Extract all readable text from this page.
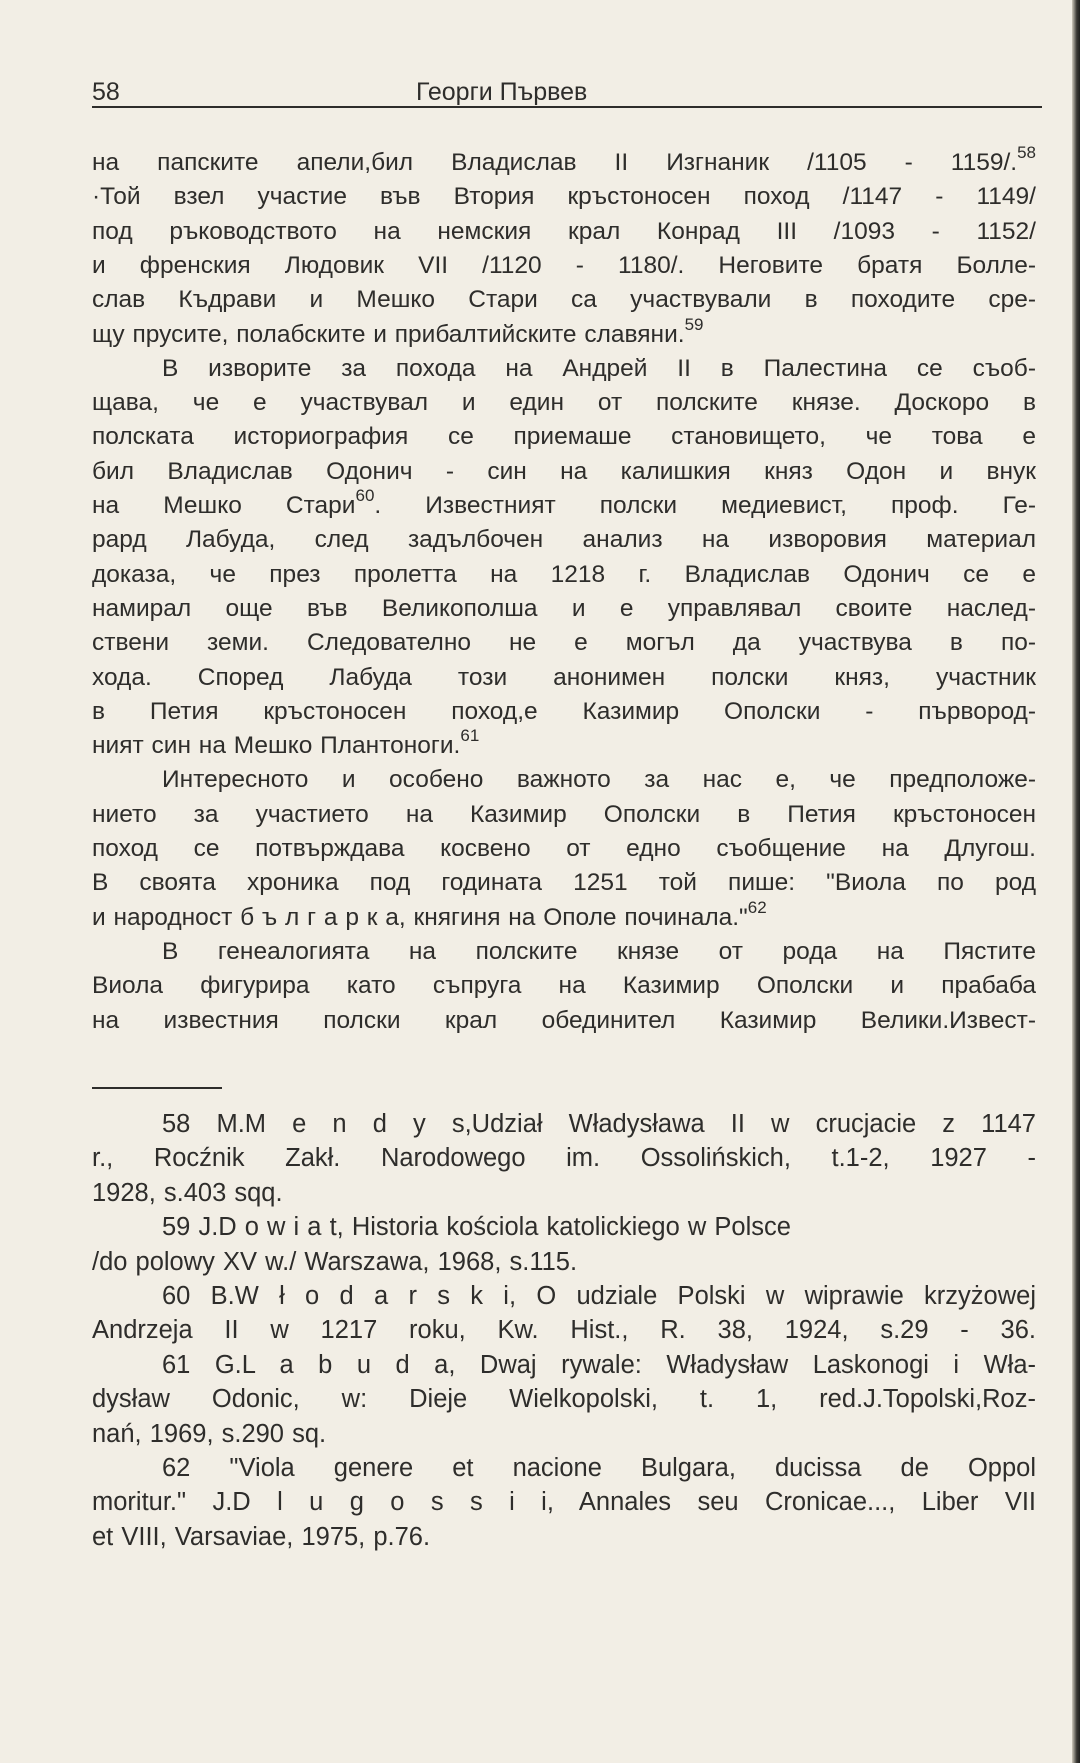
58	Георги Първев
на папските апели,бил Владислав II Изгнаник /1105 - 1159/.$^{58}$
·Той взел участие във Втория кръстоносен поход /1147 - 1149/
под ръководството на немския крал Конрад III /1093 - 1152/
и френския Людовик VII /1120 - 1180/. Неговите братя Болле-
слав Къдрави и Мешко Стари са участвували в походите сре-
щу прусите, полабските и прибалтийските славяни.$^{59}$
В изворите за похода на Андрей II в Палестина се съоб-
щава, че е участвувал и един от полските князе. Доскоро в
полската историография се приемаше становището, че това е
бил Владислав Одонич - син на калишкия княз Одон и внук
на Мешко Стари$^{60}$. Известният полски медиевист, проф. Ге-
рард Лабуда, след задълбочен анализ на изворовия материал
доказа, че през пролетта на 1218 г. Владислав Одонич се е
намирал още във Великополша и е управлявал своите наслед-
ствени земи. Следователно не е могъл да участвува в по-
хода. Според Лабуда този анонимен полски княз, участник
в Петия кръстоносен поход,е Казимир Ополски - първород-
ният син на Мешко Плантоноги.$^{61}$
Интересното и особено важното за нас е, че предположе-
нието за участието на Казимир Ополски в Петия кръстоносен
поход се потвърждава косвено от едно съобщение на Длугош.
В своята хроника под годината 1251 той пише: "Виола по род
и народност б ъ л г а р к а, княгиня на Ополе починала."$^{62}$
В генеалогията на полските князе от рода на Пястите
Виола фигурира като съпруга на Казимир Ополски и прабаба
на известния полски крал обединител Казимир Велики.Извест-
58 M.M e n d y s,Udział Władysława II w crucjacie z 1147
r., Rocźnik Zakł. Narodowego im. Ossolińskich, t.1-2, 1927 -
1928, s.403 sqq.
59 J.D o w i a t, Historia kościola katolickiego w Polsce
/do polowy XV w./ Warszawa, 1968, s.115.
60 B.W ł o d a r s k i, O udziale Polski w wiprawie krzyżowej
Andrzeja II w 1217 roku, Kw. Hist., R. 38, 1924, s.29 - 36.
61 G.L a b u d a, Dwaj rywale: Władysław Laskonogi i Wła-
dysław Odonic, w: Dieje Wielkopolski, t. 1, red.J.Topolski,Roz-
nań, 1969, s.290 sq.
62 "Viola genere et nacione Bulgara, ducissa de Oppol
moritur." J.D l u g o s s i i, Annales seu Cronicae..., Liber VII
et VIII, Varsaviae, 1975, p.76.
